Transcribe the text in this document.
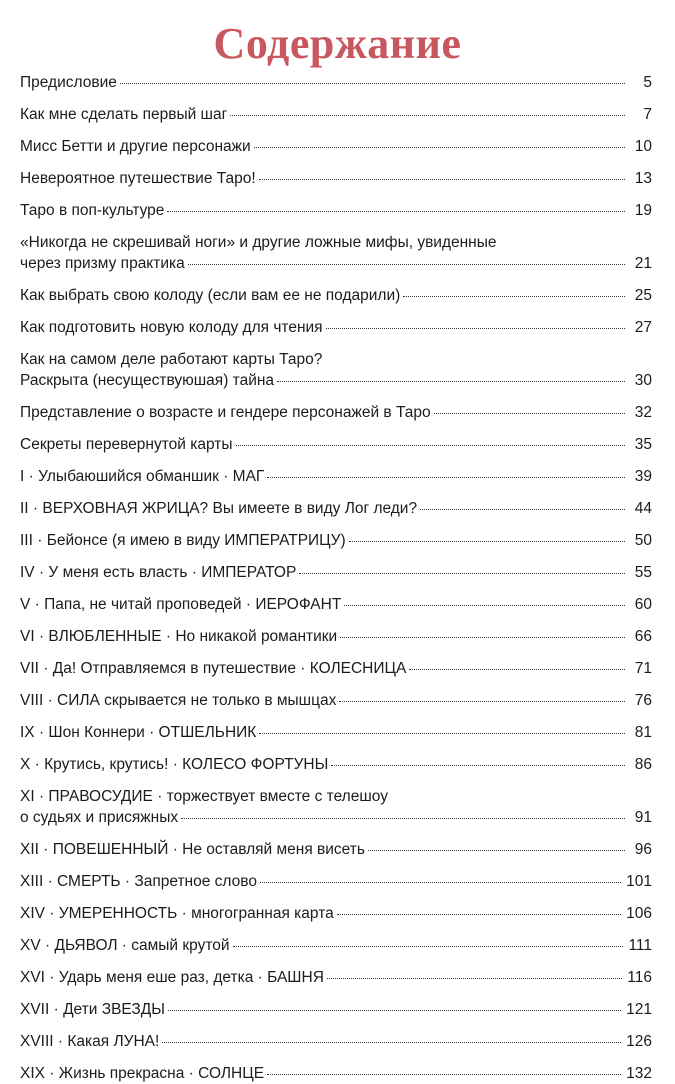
Содержание
Предисловие	5
Как мне сделать первый шаг	7
Мисс Бетти и другие персонажи	10
Невероятное путешествие Таро!	13
Таро в поп-культуре	19
«Никогда не скрешивай ноги» и другие ложные мифы, увиденные
через призму практика	21
Как выбрать свою колоду (если вам ее не подарили)	25
Как подготовить новую колоду для чтения	27
Как на самом деле работают карты Таро?
Раскрыта (несуществуюшая) тайна	30
Представление о возрасте и гендере персонажей в Таро	32
Секреты перевернутой карты	35
I · Улыбаюшийся обманшик · МАГ	39
II · ВЕРХОВНАЯ ЖРИЦА? Вы имеете в виду Лог леди?	44
III · Бейонсе (я имею в виду ИМПЕРАТРИЦУ)	50
IV · У меня есть власть · ИМПЕРАТОР	55
V · Папа, не читай проповедей · ИЕРОФАНТ	60
VI · ВЛЮБЛЕННЫЕ · Но никакой романтики	66
VII · Да! Отправляемся в путешествие · КОЛЕСНИЦА	71
VIII · СИЛА скрывается не только в мышцах	76
IX · Шон Коннери · ОТШЕЛЬНИК	81
X · Крутись, крутись! · КОЛЕСО ФОРТУНЫ	86
XI · ПРАВОСУДИЕ · торжествует вместе с телешоу
о судьях и присяжных	91
XII · ПОВЕШЕННЫЙ · Не оставляй меня висеть	96
XIII · СМЕРТЬ · Запретное слово	101
XIV · УМЕРЕННОСТЬ · многогранная карта	106
XV · ДЬЯВОЛ · самый крутой	111
XVI · Ударь меня еше раз, детка · БАШНЯ	116
XVII · Дети ЗВЕЗДЫ	121
XVIII · Какая ЛУНА!	126
XIX · Жизнь прекрасна · СОЛНЦЕ	132
